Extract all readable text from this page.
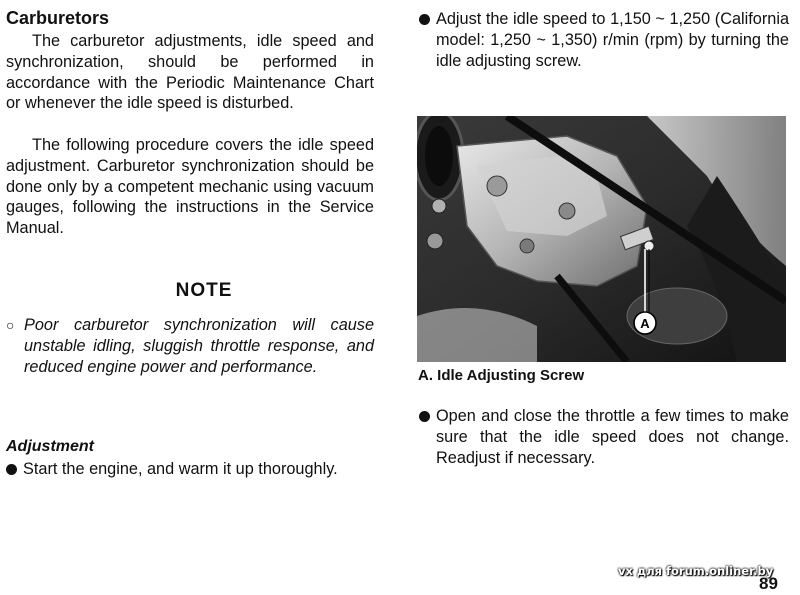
Carburetors

The carburetor adjustments, idle speed and synchronization, should be performed in accordance with the Periodic Maintenance Chart or whenever the idle speed is disturbed.

The following procedure covers the idle speed adjustment. Carburetor synchronization should be done only by a competent mechanic using vacuum gauges, following the instructions in the Service Manual.

NOTE
○ Poor carburetor synchronization will cause unstable idling, sluggish throttle response, and reduced engine power and performance.
Adjustment
Start the engine, and warm it up thoroughly.
Adjust the idle speed to 1,150 ~ 1,250 (California model: 1,250 ~ 1,350) r/min (rpm) by turning the idle adjusting screw.
A

A. Idle Adjusting Screw

Open and close the throttle a few times to make sure that the idle speed does not change. Readjust if necessary.
vx для forum.onliner.by
89
